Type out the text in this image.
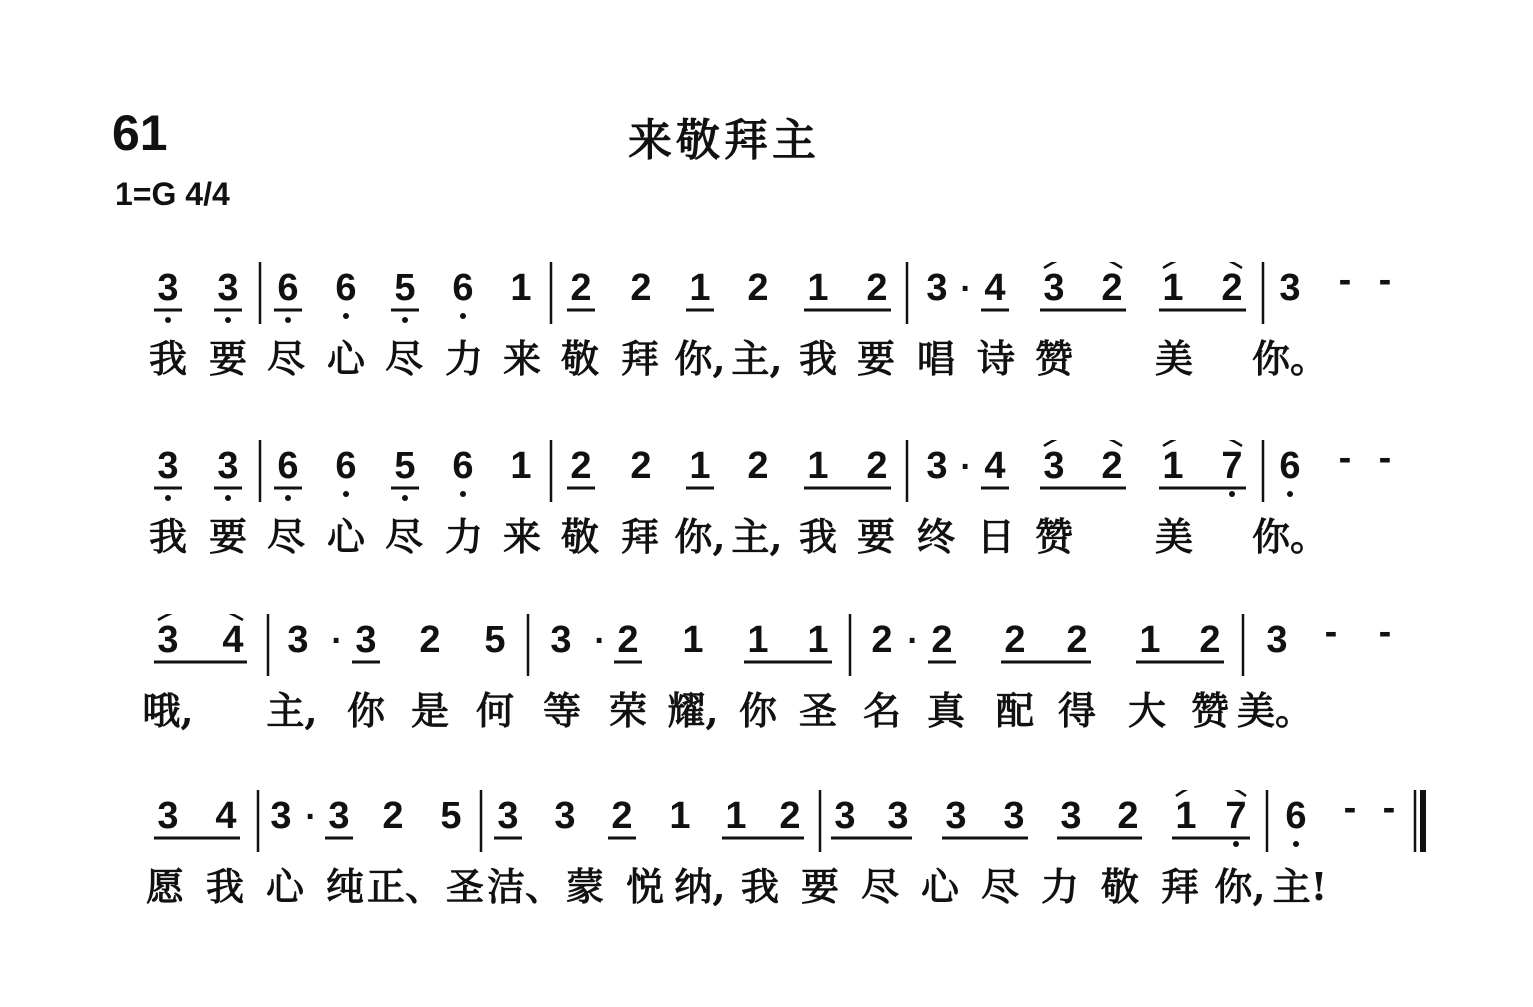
61	来敬拜主
1=G 4/4
3 3 6 6 5 6 1 2 2 1 2 1 2 3 · 4 3 2 1 2 3 - -
我 要 尽 心 尽 力 来 敬 拜 你, 主, 我 要 唱 诗 赞 美 你。
3 3 6 6 5 6 1 2 2 1 2 1 2 3 · 4 3 2 1 7 6 - -
我 要 尽 心 尽 力 来 敬 拜 你, 主, 我 要 终 日 赞 美 你。
3 4 3 · 3 2 5 3 · 2 1 1 1 2 · 2 2 2 1 2 3 - -
哦, 主, 你 是 何 等 荣 耀, 你 圣 名 真 配 得 大 赞 美。
3 4 3 · 3 2 5 3 3 2 1 1 2 3 3 3 3 3 2 1 7 6 - -
愿 我 心 纯 正、 圣 洁、 蒙 悦 纳, 我 要 尽 心 尽 力 敬 拜 你, 主!
